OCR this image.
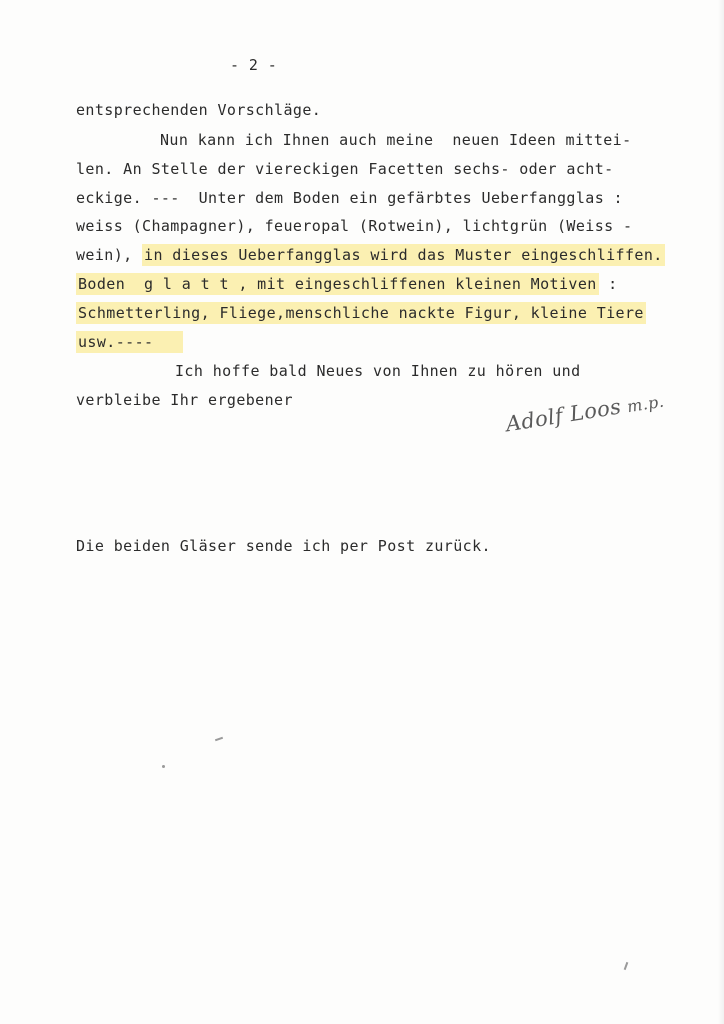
- 2 -
entsprechenden Vorschläge.
Nun kann ich Ihnen auch meine  neuen Ideen mittei-
len. An Stelle der viereckigen Facetten sechs- oder acht-
eckige. ---  Unter dem Boden ein gefärbtes Ueberfangglas :
weiss (Champagner), feueropal (Rotwein), lichtgrün (Weiss -
wein), in dieses Ueberfangglas wird das Muster eingeschliffen.
Boden  g l a t t , mit eingeschliffenen kleinen Motiven :
Schmetterling, Fliege,menschliche nackte Figur, kleine Tiere
usw.----
Ich hoffe bald Neues von Ihnen zu hören und
verbleibe Ihr ergebener	Adolf Loos m.p.
Die beiden Gläser sende ich per Post zurück.
